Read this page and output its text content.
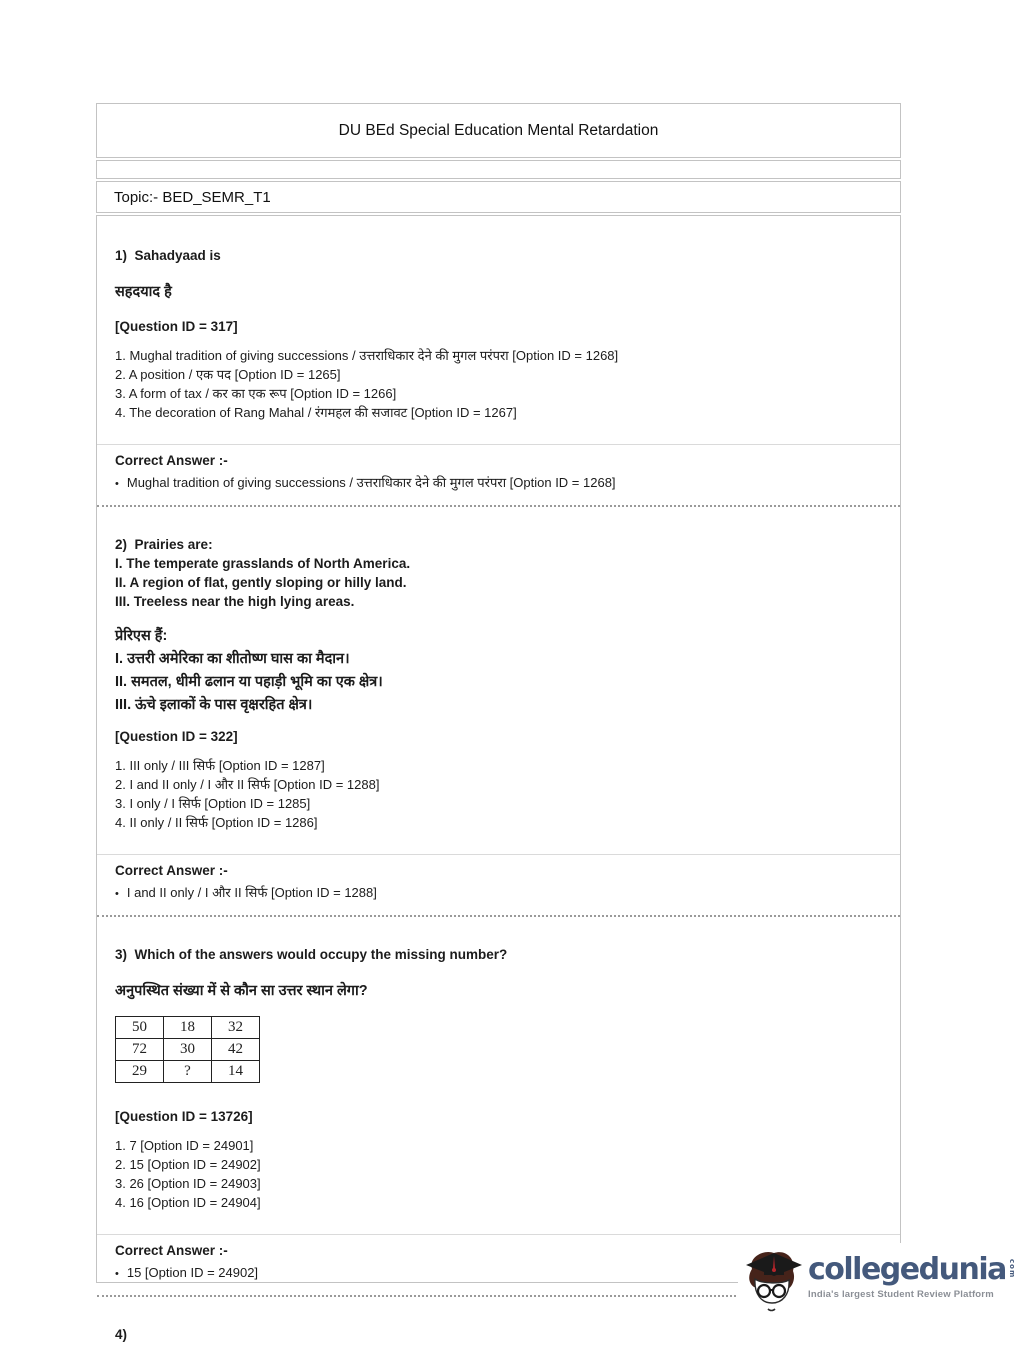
DU BEd Special Education Mental Retardation
Topic:- BED_SEMR_T1
1)  Sahadyaad is
सहदयाद है
[Question ID = 317]
1. Mughal tradition of giving successions / उत्तराधिकार देने की मुगल परंपरा [Option ID = 1268]
2. A position / एक पद [Option ID = 1265]
3. A form of tax / कर का एक रूप [Option ID = 1266]
4. The decoration of Rang Mahal / रंगमहल की सजावट [Option ID = 1267]
Correct Answer :-
• Mughal tradition of giving successions / उत्तराधिकार देने की मुगल परंपरा [Option ID = 1268]
2)  Prairies are:
I. The temperate grasslands of North America.
II. A region of flat, gently sloping or hilly land.
III. Treeless near the high lying areas.
प्रेरिएस हैं:
I. उत्तरी अमेरिका का शीतोष्ण घास का मैदान।
II. समतल, धीमी ढलान या पहाड़ी भूमि का एक क्षेत्र।
III. ऊंचे इलाकों के पास वृक्षरहित क्षेत्र।
[Question ID = 322]
1. III only / III सिर्फ [Option ID = 1287]
2. I and II only / I और II सिर्फ [Option ID = 1288]
3. I only / I सिर्फ [Option ID = 1285]
4. II only / II सिर्फ [Option ID = 1286]
Correct Answer :-
• I and II only / I और II सिर्फ [Option ID = 1288]
3)  Which of the answers would occupy the missing number?
अनुपस्थित संख्या में से कौन सा उत्तर स्थान लेगा?
50	18	32
72	30	42
29	?	14
[Question ID = 13726]
1. 7 [Option ID = 24901]
2. 15 [Option ID = 24902]
3. 26 [Option ID = 24903]
4. 16 [Option ID = 24904]
Correct Answer :-
• 15 [Option ID = 24902]
4)
collegedunia com
India's largest Student Review Platform
